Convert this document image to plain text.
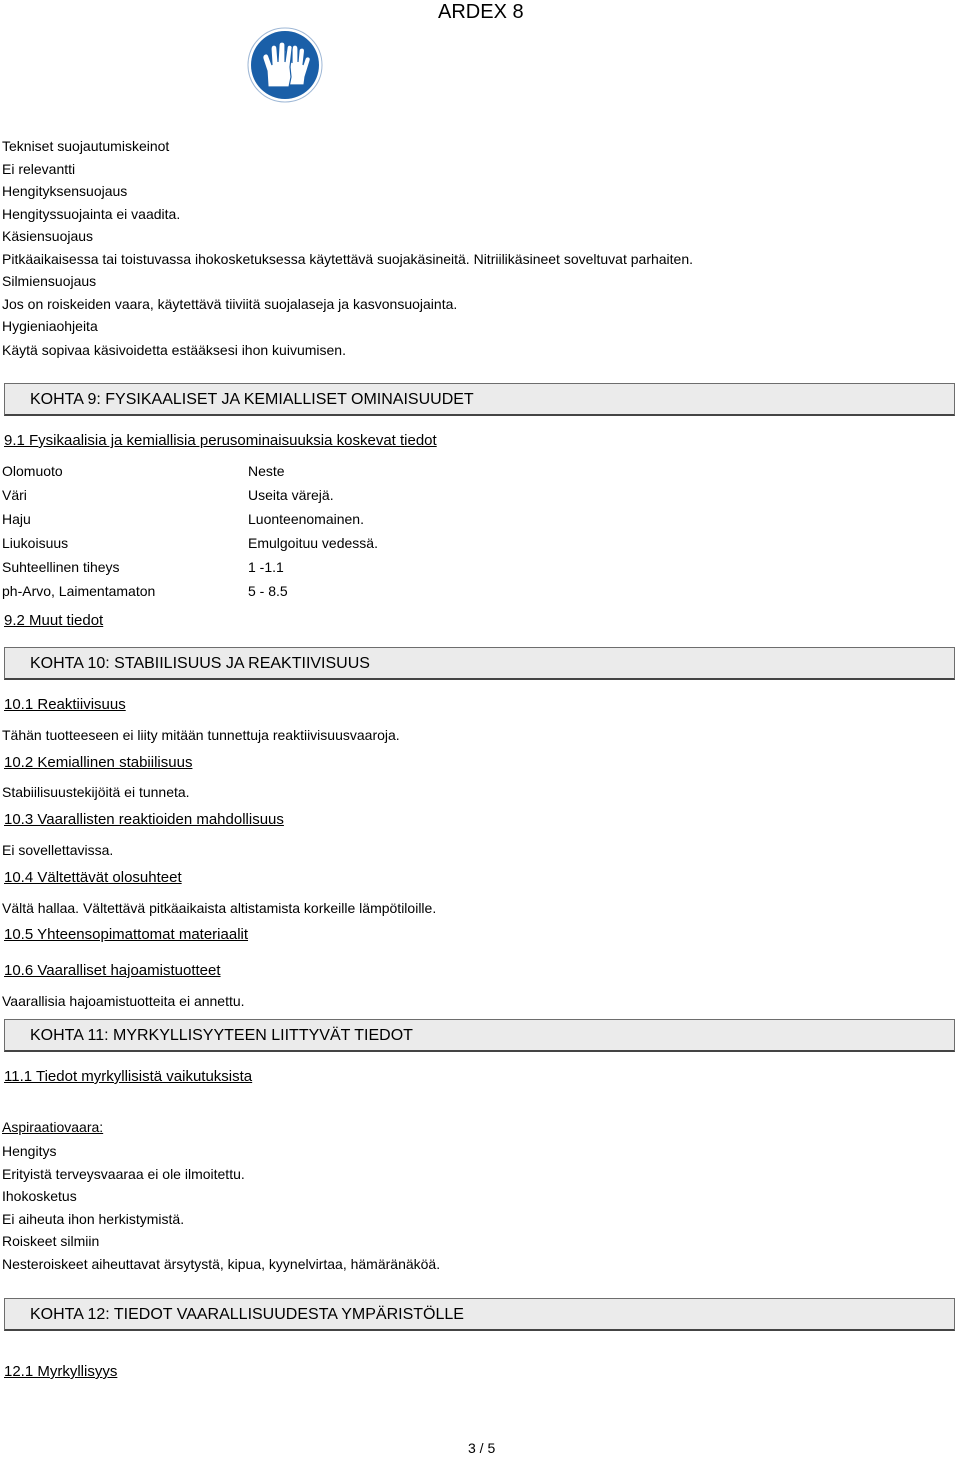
ARDEX 8
Tekniset suojautumiskeinot
Ei relevantti
Hengityksensuojaus
Hengityssuojainta ei vaadita.
Käsiensuojaus
Pitkäaikaisessa tai toistuvassa ihokosketuksessa käytettävä suojakäsineitä. Nitriilikäsineet soveltuvat parhaiten.
Silmiensuojaus
Jos on roiskeiden vaara, käytettävä tiiviitä suojalaseja ja kasvonsuojainta.
Hygieniaohjeita
Käytä sopivaa käsivoidetta estääksesi ihon kuivumisen.
KOHTA 9: FYSIKAALISET JA KEMIALLISET OMINAISUUDET
9.1 Fysikaalisia ja kemiallisia perusominaisuuksia koskevat tiedot
Olomuoto	Neste
Väri	Useita värejä.
Haju	Luonteenomainen.
Liukoisuus	Emulgoituu vedessä.
Suhteellinen tiheys	1 -1.1
ph-Arvo, Laimentamaton	5 - 8.5
9.2 Muut tiedot
KOHTA 10: STABIILISUUS JA REAKTIIVISUUS
10.1 Reaktiivisuus
Tähän tuotteeseen ei liity mitään tunnettuja reaktiivisuusvaaroja.
10.2 Kemiallinen stabiilisuus
Stabiilisuustekijöitä ei tunneta.
10.3 Vaarallisten reaktioiden mahdollisuus
Ei sovellettavissa.
10.4 Vältettävät olosuhteet
Vältä hallaa. Vältettävä pitkäaikaista altistamista korkeille lämpötiloille.
10.5 Yhteensopimattomat materiaalit
10.6 Vaaralliset hajoamistuotteet
Vaarallisia hajoamistuotteita ei annettu.
KOHTA 11: MYRKYLLISYYTEEN LIITTYVÄT TIEDOT
11.1 Tiedot myrkyllisistä vaikutuksista
Aspiraatiovaara:
Hengitys
Erityistä terveysvaaraa ei ole ilmoitettu.
Ihokosketus
Ei aiheuta ihon herkistymistä.
Roiskeet silmiin
Nesteroiskeet aiheuttavat ärsytystä, kipua, kyynelvirtaa, hämäränäköä.
KOHTA 12: TIEDOT VAARALLISUUDESTA YMPÄRISTÖLLE
12.1 Myrkyllisyys
3 / 5
